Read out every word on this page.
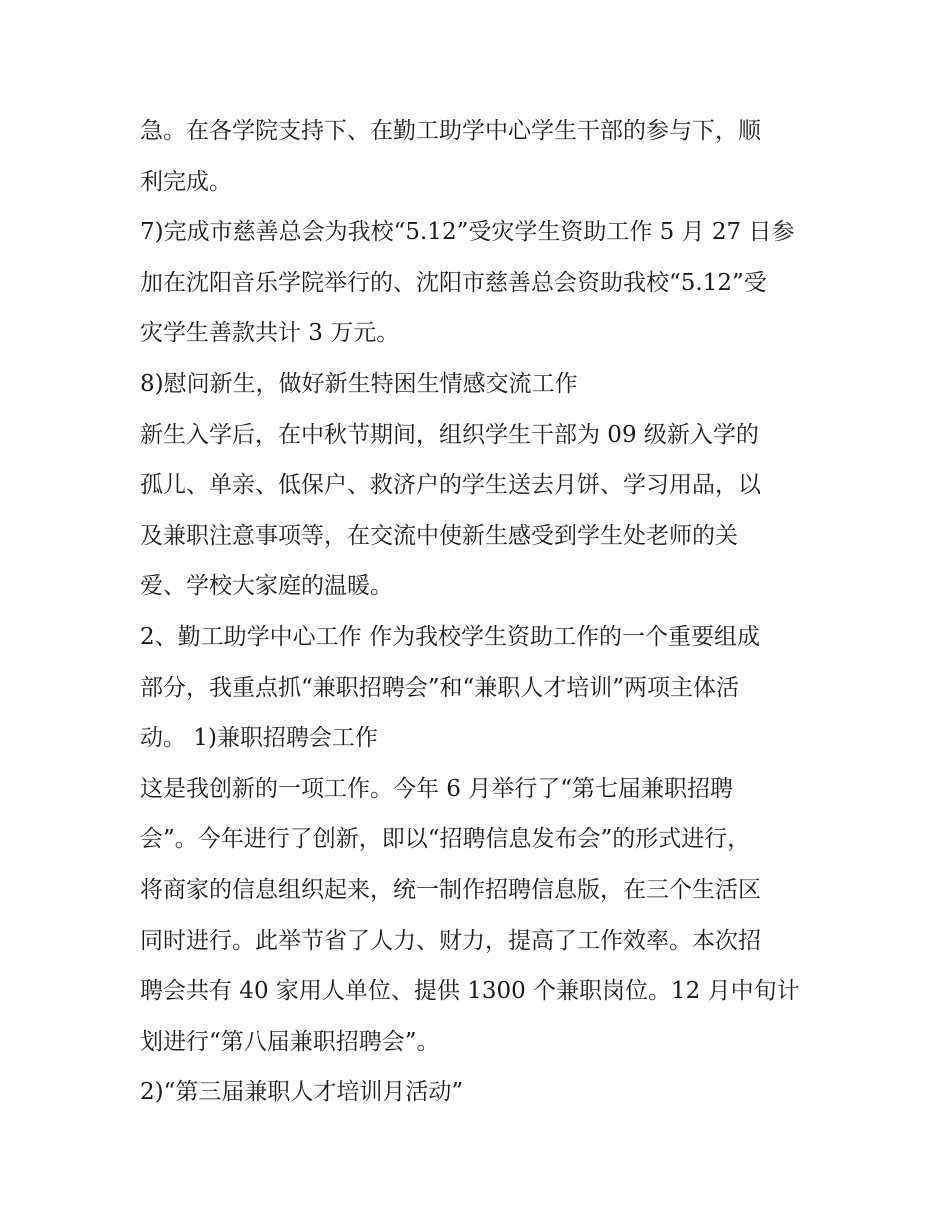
急。在各学院支持下、在勤工助学中心学生干部的参与下，顺
利完成。
7)完成市慈善总会为我校“5.12”受灾学生资助工作 5 月 27 日参
加在沈阳音乐学院举行的、沈阳市慈善总会资助我校“5.12”受
灾学生善款共计 3 万元。
8)慰问新生，做好新生特困生情感交流工作
新生入学后，在中秋节期间，组织学生干部为 09 级新入学的
孤儿、单亲、低保户、救济户的学生送去月饼、学习用品，以
及兼职注意事项等，在交流中使新生感受到学生处老师的关
爱、学校大家庭的温暖。
2、勤工助学中心工作 作为我校学生资助工作的一个重要组成
部分，我重点抓“兼职招聘会”和“兼职人才培训”两项主体活
动。 1)兼职招聘会工作
这是我创新的一项工作。今年 6 月举行了“第七届兼职招聘
会”。今年进行了创新，即以“招聘信息发布会”的形式进行，
将商家的信息组织起来，统一制作招聘信息版，在三个生活区
同时进行。此举节省了人力、财力，提高了工作效率。本次招
聘会共有 40 家用人单位、提供 1300 个兼职岗位。12 月中旬计
划进行“第八届兼职招聘会”。
2)“第三届兼职人才培训月活动”
